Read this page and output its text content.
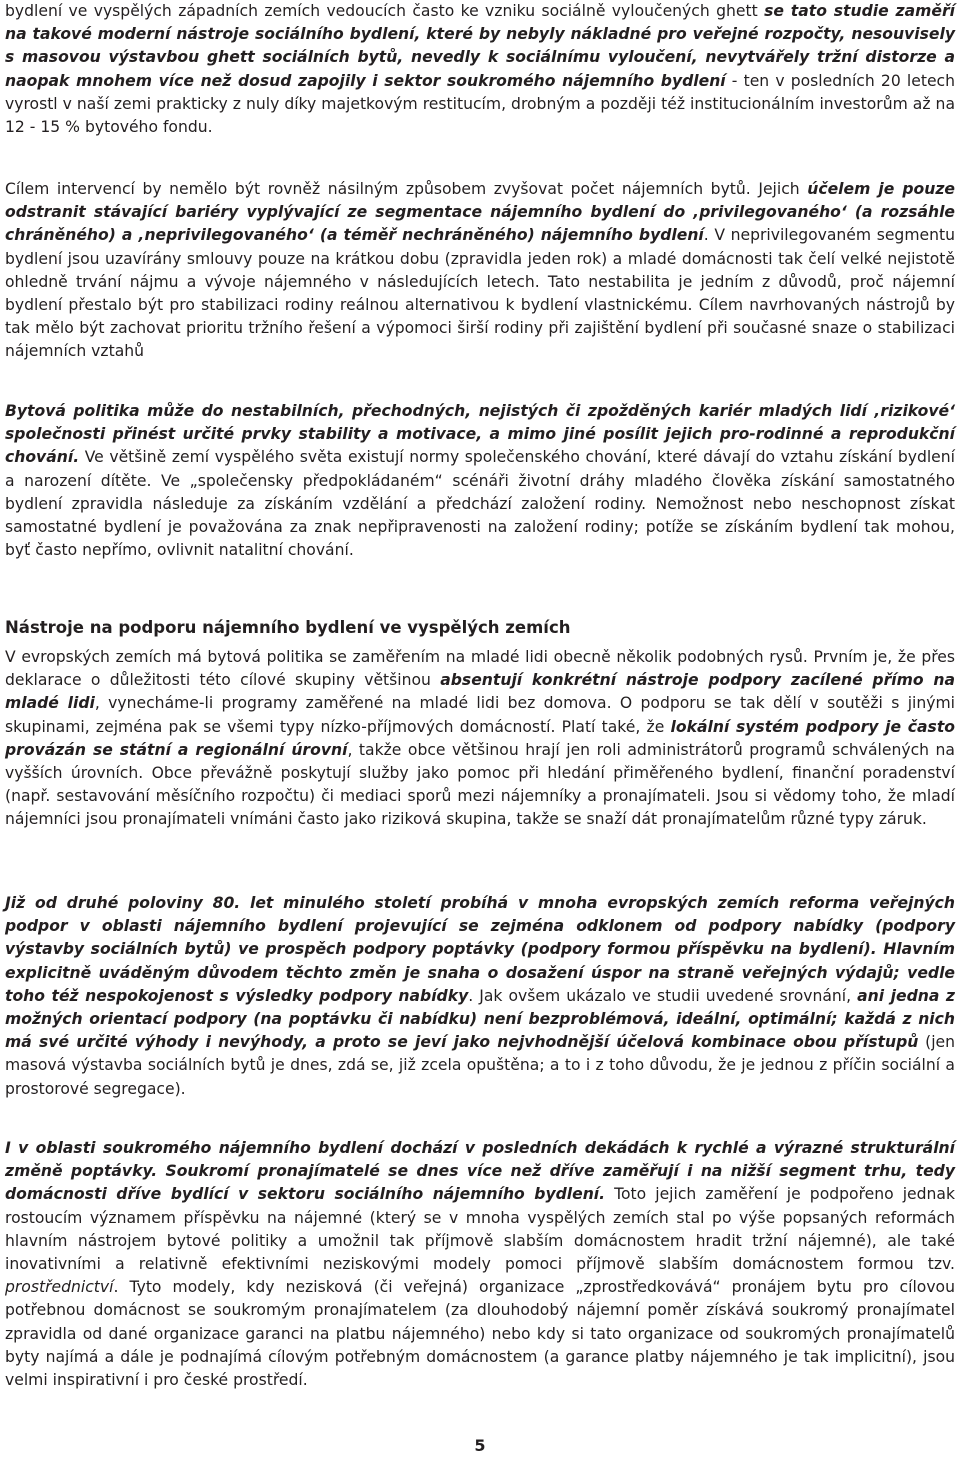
bydlení ve vyspělých západních zemích vedoucích často ke vzniku sociálně vyloučených ghett se tato studie zaměří na takové moderní nástroje sociálního bydlení, které by nebyly nákladné pro veřejné rozpočty, nesouvisely s masovou výstavbou ghett sociálních bytů, nevedly k sociálnímu vyloučení, nevytvářely tržní distorze a naopak mnohem více než dosud zapojily i sektor soukromého nájemního bydlení - ten v posledních 20 letech vyrostl v naší zemi prakticky z nuly díky majetkovým restitucím, drobným a později též institucionálním investorům až na 12 - 15 % bytového fondu.

Cílem intervencí by nemělo být rovněž násilným způsobem zvyšovat počet nájemních bytů. Jejich účelem je pouze odstranit stávající bariéry vyplývající ze segmentace nájemního bydlení do ‚privilegovaného‘ (a rozsáhle chráněného) a ‚neprivilegovaného‘ (a téměř nechráněného) nájemního bydlení. V neprivilegovaném segmentu bydlení jsou uzavírány smlouvy pouze na krátkou dobu (zpravidla jeden rok) a mladé domácnosti tak čelí velké nejistotě ohledně trvání nájmu a vývoje nájemného v následujících letech. Tato nestabilita je jedním z důvodů, proč nájemní bydlení přestalo být pro stabilizaci rodiny reálnou alternativou k bydlení vlastnickému. Cílem navrhovaných nástrojů by tak mělo být zachovat prioritu tržního řešení a výpomoci širší rodiny při zajištění bydlení při současné snaze o stabilizaci nájemních vztahů

Bytová politika může do nestabilních, přechodných, nejistých či zpožděných kariér mladých lidí ‚rizikové‘ společnosti přinést určité prvky stability a motivace, a mimo jiné posílit jejich pro-rodinné a reprodukční chování. Ve většině zemí vyspělého světa existují normy společenského chování, které dávají do vztahu získání bydlení a narození dítěte. Ve „společensky předpokládaném“ scénáři životní dráhy mladého člověka získání samostatného bydlení zpravidla následuje za získáním vzdělání a předchází založení rodiny. Nemožnost nebo neschopnost získat samostatné bydlení je považována za znak nepřipravenosti na založení rodiny; potíže se získáním bydlení tak mohou, byť často nepřímo, ovlivnit natalitní chování.

Nástroje na podporu nájemního bydlení ve vyspělých zemích

V evropských zemích má bytová politika se zaměřením na mladé lidi obecně několik podobných rysů. Prvním je, že přes deklarace o důležitosti této cílové skupiny většinou absentují konkrétní nástroje podpory zacílené přímo na mladé lidi, vynecháme-li programy zaměřené na mladé lidi bez domova. O podporu se tak dělí v soutěži s jinými skupinami, zejména pak se všemi typy nízko-příjmových domácností. Platí také, že lokální systém podpory je často provázán se státní a regionální úrovní, takže obce většinou hrají jen roli administrátorů programů schválených na vyšších úrovních. Obce převážně poskytují služby jako pomoc při hledání přiměřeného bydlení, finanční poradenství (např. sestavování měsíčního rozpočtu) či mediaci sporů mezi nájemníky a pronajímateli. Jsou si vědomy toho, že mladí nájemníci jsou pronajímateli vnímáni často jako riziková skupina, takže se snaží dát pronajímatelům různé typy záruk.

Již od druhé poloviny 80. let minulého století probíhá v mnoha evropských zemích reforma veřejných podpor v oblasti nájemního bydlení projevující se zejména odklonem od podpory nabídky (podpory výstavby sociálních bytů) ve prospěch podpory poptávky (podpory formou příspěvku na bydlení). Hlavním explicitně uváděným důvodem těchto změn je snaha o dosažení úspor na straně veřejných výdajů; vedle toho též nespokojenost s výsledky podpory nabídky. Jak ovšem ukázalo ve studii uvedené srovnání, ani jedna z možných orientací podpory (na poptávku či nabídku) není bezproblémová, ideální, optimální; každá z nich má své určité výhody i nevýhody, a proto se jeví jako nejvhodnější účelová kombinace obou přístupů (jen masová výstavba sociálních bytů je dnes, zdá se, již zcela opuštěna; a to i z toho důvodu, že je jednou z příčin sociální a prostorové segregace).

I v oblasti soukromého nájemního bydlení dochází v posledních dekádách k rychlé a výrazné strukturální změně poptávky. Soukromí pronajímatelé se dnes více než dříve zaměřují i na nižší segment trhu, tedy domácnosti dříve bydlící v sektoru sociálního nájemního bydlení. Toto jejich zaměření je podpořeno jednak rostoucím významem příspěvku na nájemné (který se v mnoha vyspělých zemích stal po výše popsaných reformách hlavním nástrojem bytové politiky a umožnil tak příjmově slabším domácnostem hradit tržní nájemné), ale také inovativními a relativně efektivními neziskovými modely pomoci příjmově slabším domácnostem formou tzv. prostřednictví. Tyto modely, kdy nezisková (či veřejná) organizace „zprostředkovává“ pronájem bytu pro cílovou potřebnou domácnost se soukromým pronajímatelem (za dlouhodobý nájemní poměr získává soukromý pronajímatel zpravidla od dané organizace garanci na platbu nájemného) nebo kdy si tato organizace od soukromých pronajímatelů byty najímá a dále je podnajímá cílovým potřebným domácnostem (a garance platby nájemného je tak implicitní), jsou velmi inspirativní i pro české prostředí.

5
